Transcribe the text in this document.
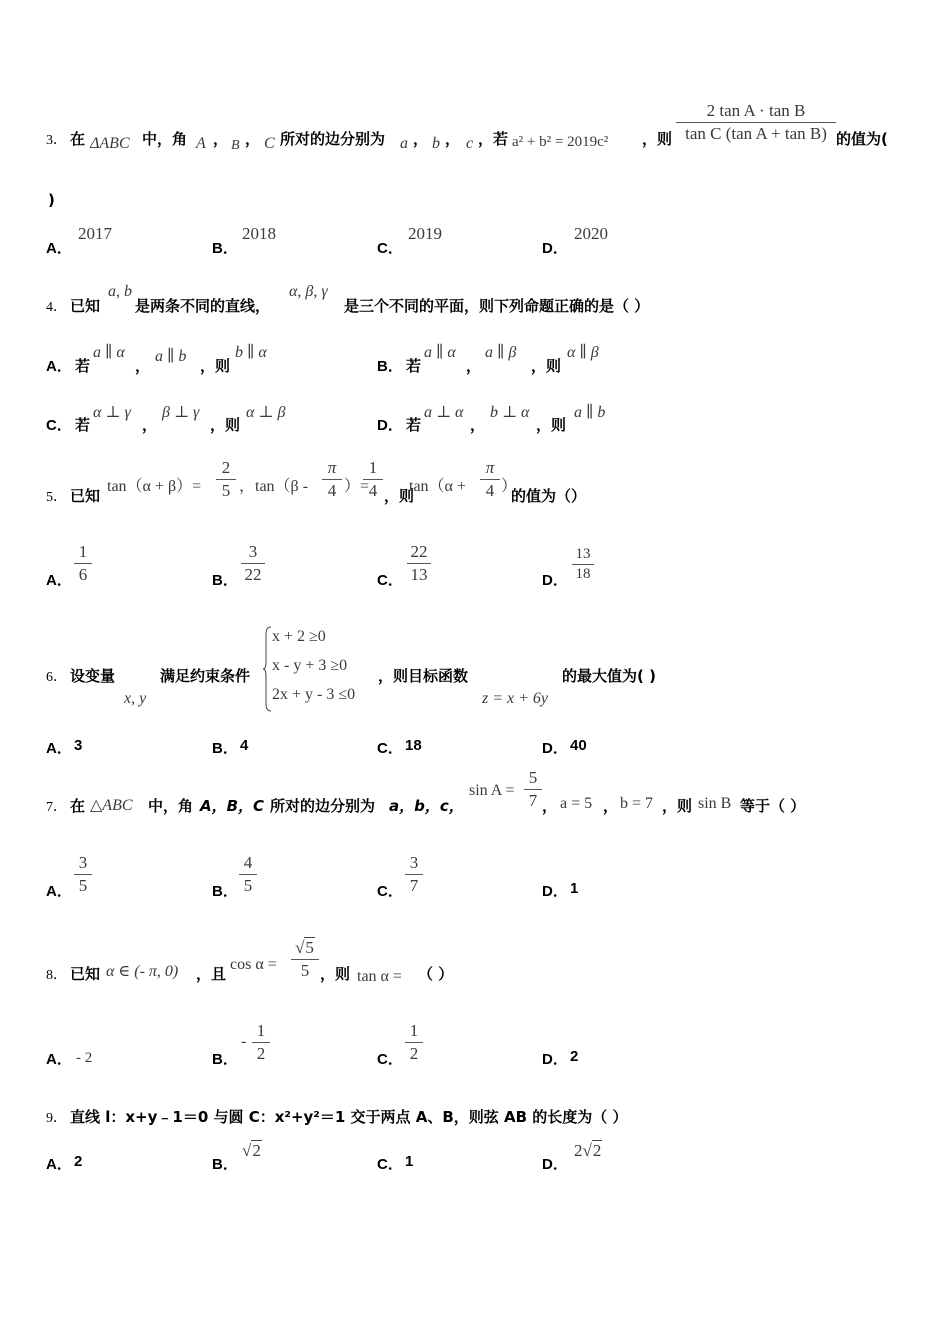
3． 在 ΔABC 中，角 A ， B ， C 所对的边分别为 a ， b ， c ，若 a² + b² = 2019c² ，则
2 tan A · tan B
tan C (tan A + tan B) 的值为(
)
A．
2017
B．
2018
C．
2019
D．
2020
4． 已知
a, b
是两条不同的直线，
α, β, γ
是三个不同的平面，则下列命题正确的是（ ）
A． 若
a ∥ α
，
a ∥ b
，则
b ∥ α
B． 若
a ∥ α
，
a ∥ β
，则
α ∥ β
C． 若
α ⊥ γ
，
β ⊥ γ
，则
α ⊥ β
D． 若
a ⊥ α
，
b ⊥ α
，则
a ∥ b
5． 已知
tan（α + β）=
2
5 ，tan（β -
π
4 ）=
1
4 ，则
tan（α +
π
4 ）
的值为（）
A．
1
6	B．
3
22	C．
22
13	D．
13
18
6． 设变量
x, y
满足约束条件
x + 2 ≥0
x - y + 3 ≥0
2x + y - 3 ≤0
，则目标函数
z = x + 6y
的最大值为( )
A． 3	B． 4	C． 18	D． 40
7． 在 △ABC 中，角 A，B，C 所对的边分别为 a，b，c，
sin A =
5
7 ， a = 5 ， b = 7 ，则 sin B 等于（ ）
A．
3
5	B．
4
5	C．
3
7	D． 1
8． 已知 α ∈ (- π, 0) ，且
cos α =
√5
5 ，则 tan α = （ ）
A． - 2	B．
-
1
2	C．
1
2	D． 2
9． 直线 l：x+y﹣1＝0 与圆 C：x²+y²＝1 交于两点 A、B，则弦 AB 的长度为（ ）
A． 2	B．
√2
C． 1	D．
2√2
